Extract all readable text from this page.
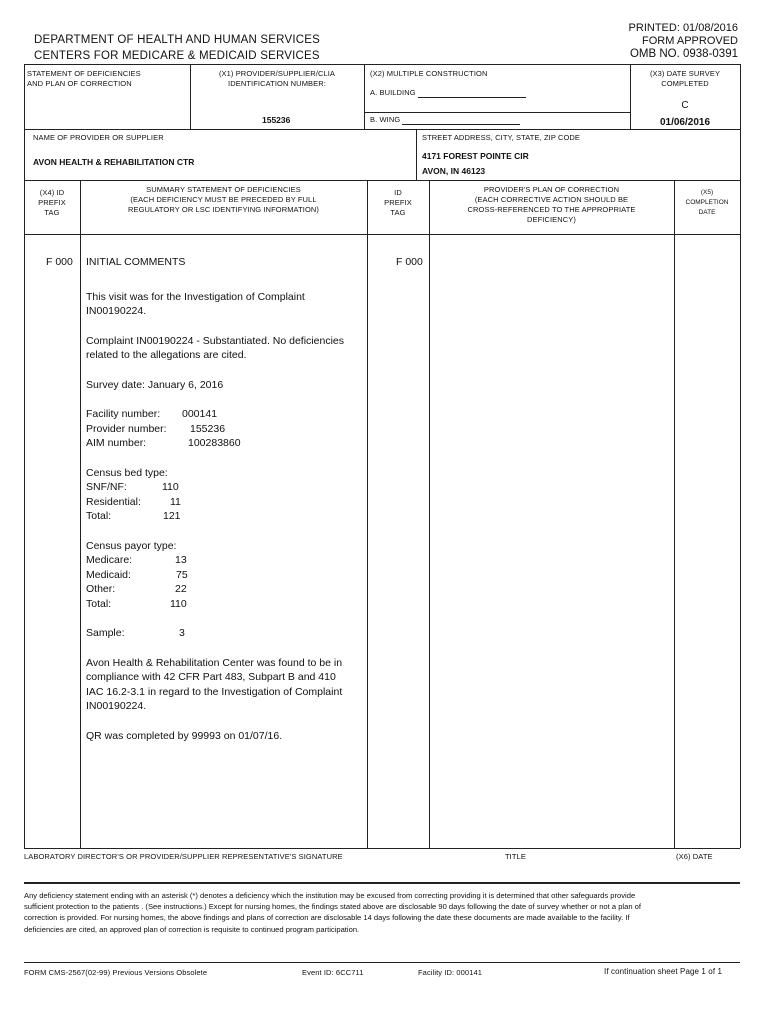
DEPARTMENT OF HEALTH AND HUMAN SERVICES
CENTERS FOR MEDICARE & MEDICAID SERVICES
PRINTED: 01/08/2016
FORM APPROVED
OMB NO. 0938-0391
STATEMENT OF DEFICIENCIES
AND PLAN OF CORRECTION
(X1) PROVIDER/SUPPLIER/CLIA
IDENTIFICATION NUMBER:
155236
(X2) MULTIPLE CONSTRUCTION
A. BUILDING
B. WING
(X3) DATE SURVEY
COMPLETED
C
01/06/2016
NAME OF PROVIDER OR SUPPLIER
AVON HEALTH & REHABILITATION CTR
STREET ADDRESS, CITY, STATE, ZIP CODE
4171 FOREST POINTE CIR
AVON, IN 46123
(X4) ID
PREFIX
TAG
SUMMARY STATEMENT OF DEFICIENCIES
(EACH DEFICIENCY MUST BE PRECEDED BY FULL
REGULATORY OR LSC IDENTIFYING INFORMATION)
ID
PREFIX
TAG
PROVIDER'S PLAN OF CORRECTION
(EACH CORRECTIVE ACTION SHOULD BE
CROSS-REFERENCED TO THE APPROPRIATE
DEFICIENCY)
(X5)
COMPLETION
DATE
F 000	F 000
INITIAL COMMENTS
This visit was for the Investigation of Complaint IN00190224.
Complaint IN00190224 - Substantiated. No deficiencies related to the allegations are cited.
Survey date: January 6, 2016
Facility number:	000141
Provider number:	155236
AIM number:	100283860
Census bed type:
SNF/NF:	110
Residential:	11
Total:	121
Census payor type:
Medicare:	13
Medicaid:	75
Other:	22
Total:	110
Sample:	3
Avon Health & Rehabilitation Center was found to be in compliance with 42 CFR Part 483, Subpart B and 410 IAC 16.2-3.1 in regard to the Investigation of Complaint IN00190224.
QR was completed by 99993 on 01/07/16.
LABORATORY DIRECTOR'S OR PROVIDER/SUPPLIER REPRESENTATIVE'S SIGNATURE	TITLE	(X6) DATE
Any deficiency statement ending with an asterisk (*) denotes a deficiency which the institution may be excused from correcting providing it is determined that other safeguards provide sufficient protection to the patients . (See instructions.) Except for nursing homes, the findings stated above are disclosable 90 days following the date of survey whether or not a plan of correction is provided. For nursing homes, the above findings and plans of correction are disclosable 14 days following the date these documents are made available to the facility. If deficiencies are cited, an approved plan of correction is requisite to continued program participation.
FORM CMS-2567(02-99) Previous Versions Obsolete	Event ID: 6CC711	Facility ID: 000141	If continuation sheet Page 1 of 1
